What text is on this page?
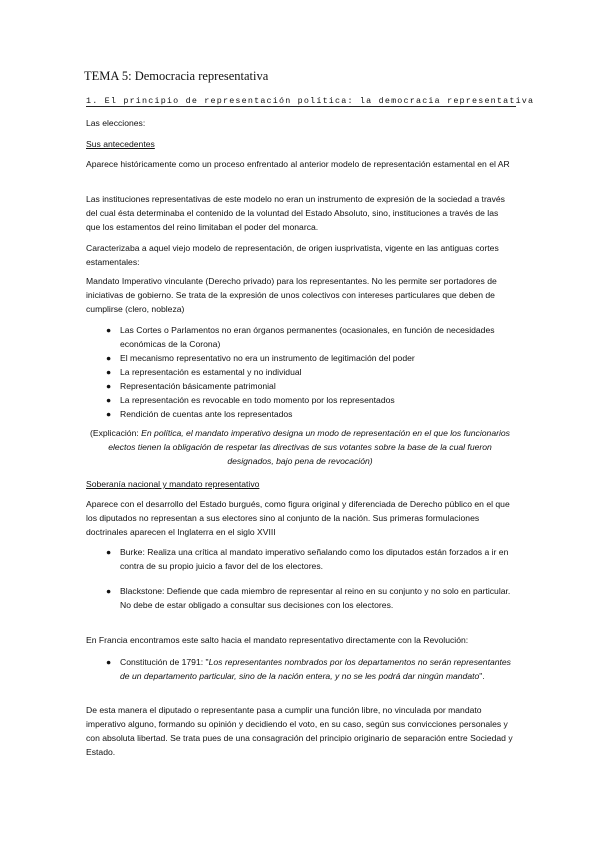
TEMA 5: Democracia representativa
1. El principio de representación política: la democracia representativa
Las elecciones:
Sus antecedentes
Aparece históricamente como un proceso enfrentado al anterior modelo de representación estamental en el AR
Las instituciones representativas de este modelo no eran un instrumento de expresión de la sociedad a través del cual ésta determinaba el contenido de la voluntad del Estado Absoluto, sino, instituciones a través de las que los estamentos del reino limitaban el poder del monarca.
Caracterizaba a aquel viejo modelo de representación, de origen iusprivatista, vigente en las antiguas cortes estamentales:
Mandato Imperativo vinculante (Derecho privado) para los representantes. No les permite ser portadores de iniciativas de gobierno. Se trata de la expresión de unos colectivos con intereses particulares que deben de cumplirse (clero, nobleza)
● Las Cortes o Parlamentos no eran órganos permanentes (ocasionales, en función de necesidades económicas de la Corona)
● El mecanismo representativo no era un instrumento de legitimación del poder
● La representación es estamental y no individual
● Representación básicamente patrimonial
● La representación es revocable en todo momento por los representados
● Rendición de cuentas ante los representados
(Explicación: En política, el mandato imperativo designa un modo de representación en el que los funcionarios electos tienen la obligación de respetar las directivas de sus votantes sobre la base de la cual fueron designados, bajo pena de revocación)
Soberanía nacional y mandato representativo
Aparece con el desarrollo del Estado burgués, como figura original y diferenciada de Derecho público en el que los diputados no representan a sus electores sino al conjunto de la nación. Sus primeras formulaciones doctrinales aparecen el Inglaterra en el siglo XVIII
● Burke: Realiza una crítica al mandato imperativo señalando como los diputados están forzados a ir en contra de su propio juicio a favor del de los electores.
● Blackstone: Defiende que cada miembro de representar al reino en su conjunto y no solo en particular. No debe de estar obligado a consultar sus decisiones con los electores.
En Francia encontramos este salto hacia el mandato representativo directamente con la Revolución:
● Constitución de 1791: "Los representantes nombrados por los departamentos no serán representantes de un departamento particular, sino de la nación entera, y no se les podrá dar ningún mandato".
De esta manera el diputado o representante pasa a cumplir una función libre, no vinculada por mandato imperativo alguno, formando su opinión y decidiendo el voto, en su caso, según sus convicciones personales y con absoluta libertad. Se trata pues de una consagración del principio originario de separación entre Sociedad y Estado.
